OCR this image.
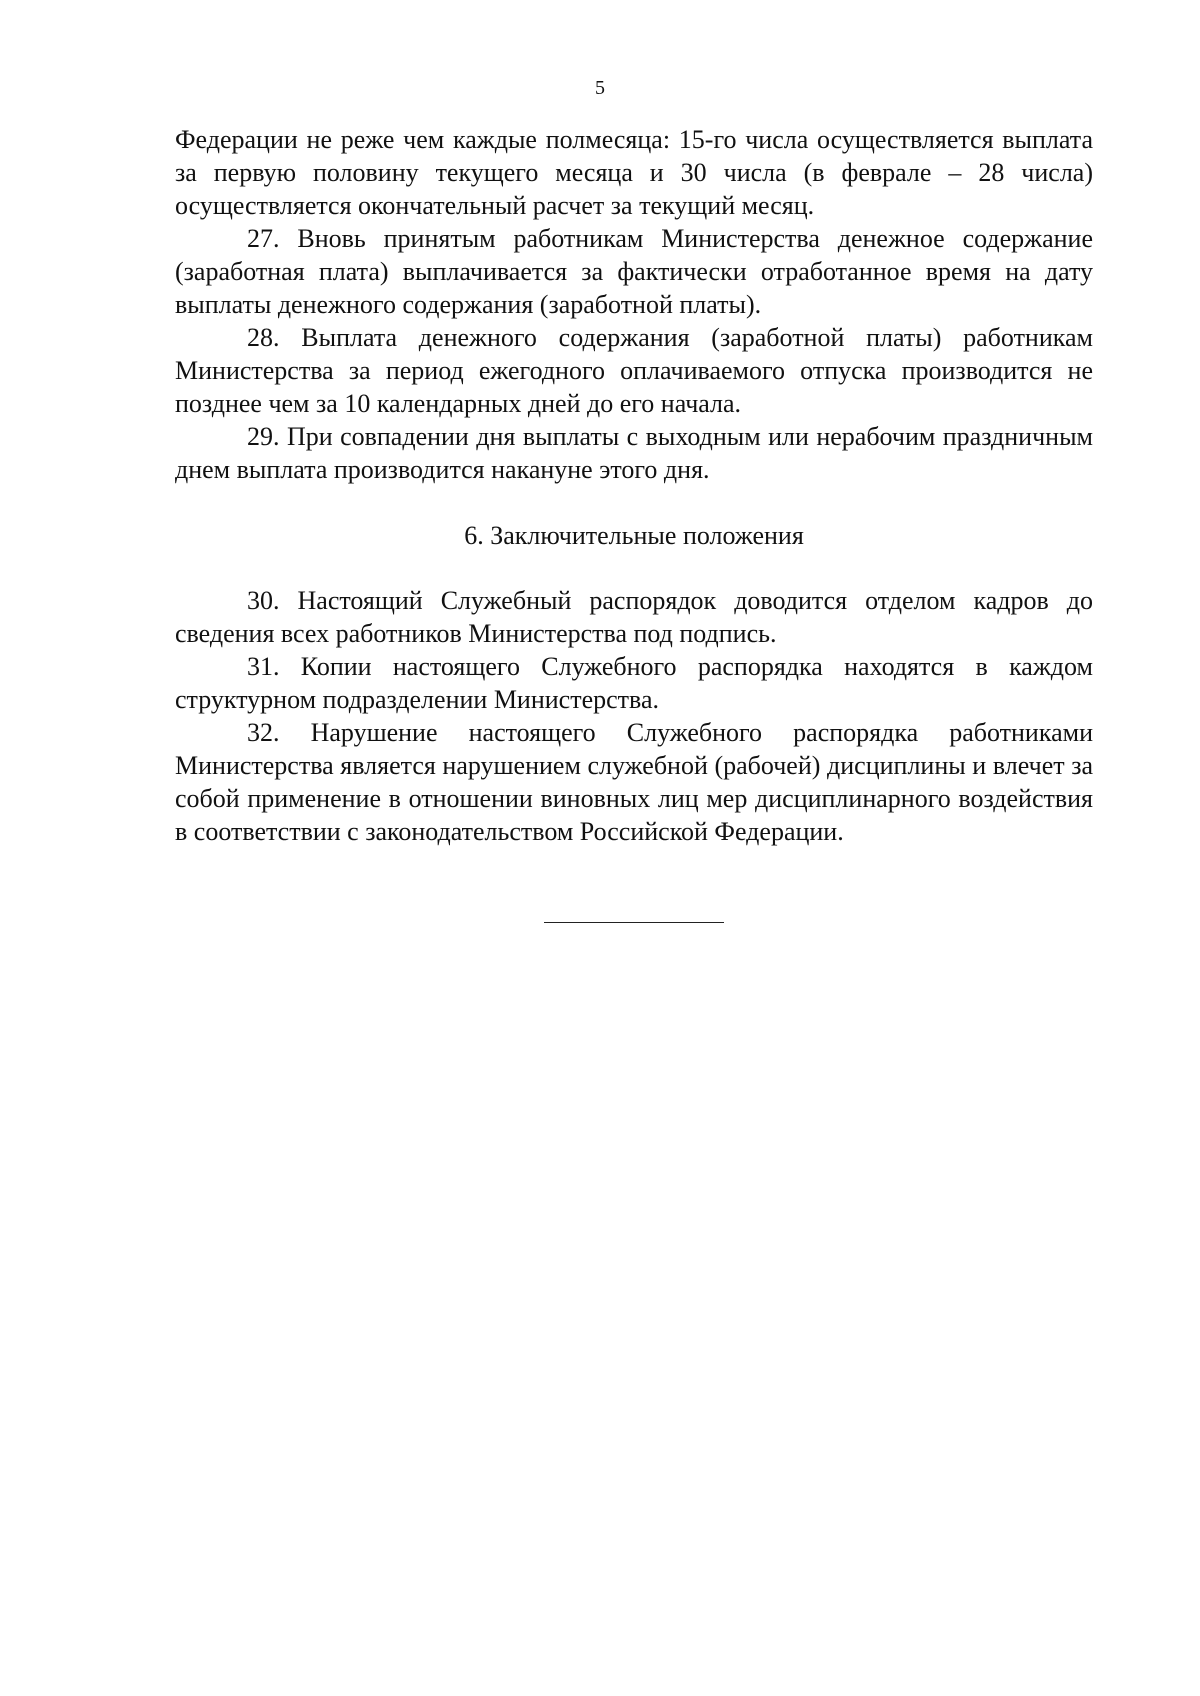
5

Федерации не реже чем каждые полмесяца: 15-го числа осуществляется выплата за первую половину текущего месяца и 30 числа (в феврале – 28 числа) осуществляется окончательный расчет за текущий месяц.

27. Вновь принятым работникам Министерства денежное содержание (заработная плата) выплачивается за фактически отработанное время на дату выплаты денежного содержания (заработной платы).

28. Выплата денежного содержания (заработной платы) работникам Министерства за период ежегодного оплачиваемого отпуска производится не позднее чем за 10 календарных дней до его начала.

29. При совпадении дня выплаты с выходным или нерабочим праздничным днем выплата производится накануне этого дня.

6. Заключительные положения

30. Настоящий Служебный распорядок доводится отделом кадров до сведения всех работников Министерства под подпись.

31. Копии настоящего Служебного распорядка находятся в каждом структурном подразделении Министерства.

32. Нарушение настоящего Служебного распорядка работниками Министерства является нарушением служебной (рабочей) дисциплины и влечет за собой применение в отношении виновных лиц мер дисциплинарного воздействия в соответствии с законодательством Российской Федерации.
